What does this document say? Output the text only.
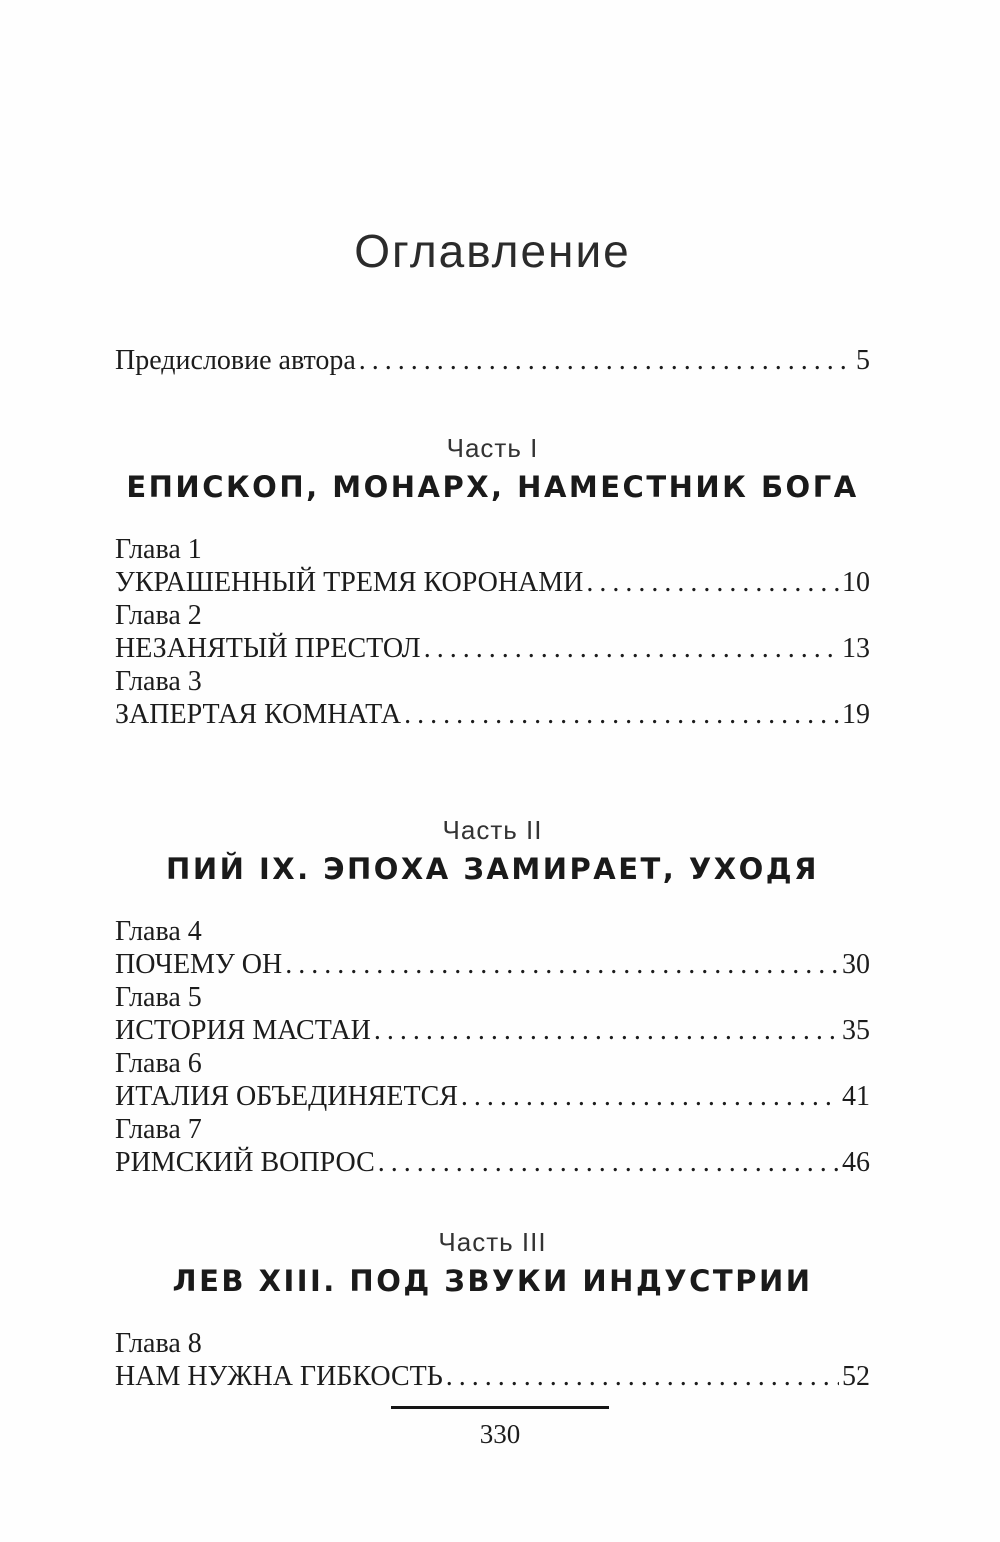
Оглавление
Предисловие автора .....	5
Часть I
ЕПИСКОП, МОНАРХ, НАМЕСТНИК БОГА
Глава 1
УКРАШЕННЫЙ ТРЕМЯ КОРОНАМИ .....	10
Глава 2
НЕЗАНЯТЫЙ ПРЕСТОЛ .....	13
Глава 3
ЗАПЕРТАЯ КОМНАТА .....	19
Часть II
ПИЙ IX. ЭПОХА ЗАМИРАЕТ, УХОДЯ
Глава 4
ПОЧЕМУ ОН .....	30
Глава 5
ИСТОРИЯ МАСТАИ .....	35
Глава 6
ИТАЛИЯ ОБЪЕДИНЯЕТСЯ .....	41
Глава 7
РИМСКИЙ ВОПРОС .....	46
Часть III
ЛЕВ XIII. ПОД ЗВУКИ ИНДУСТРИИ
Глава 8
НАМ НУЖНА ГИБКОСТЬ .....	52
330
